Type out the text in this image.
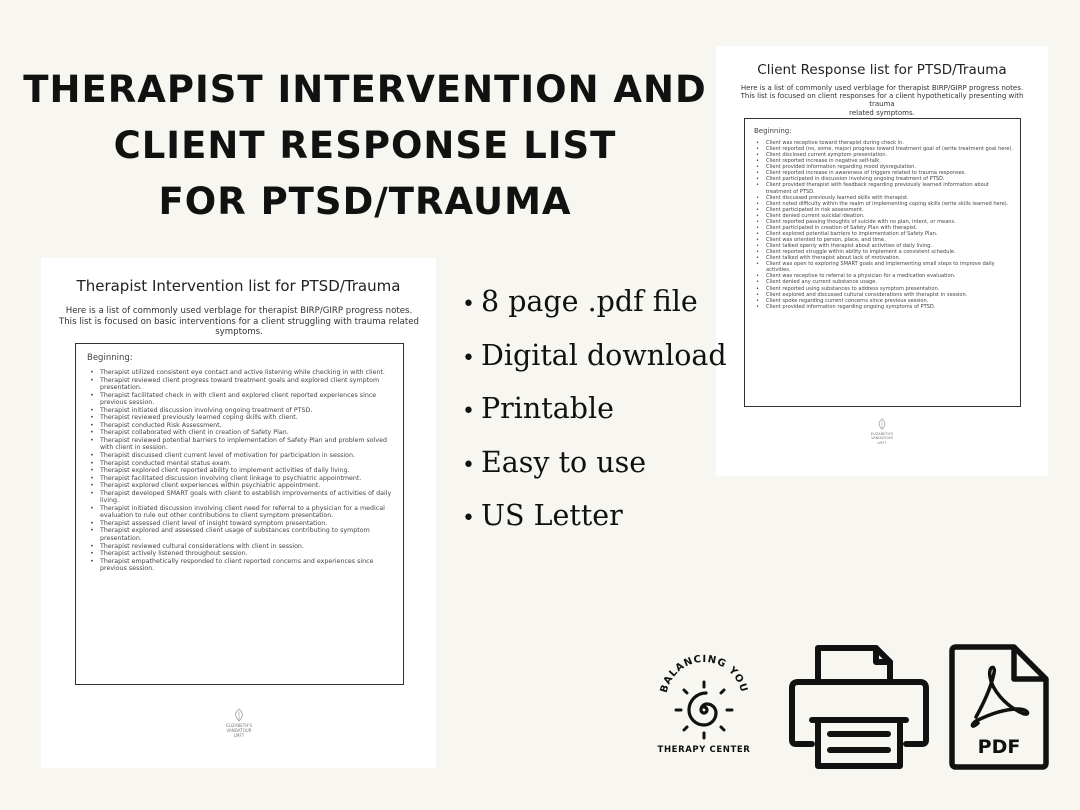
THERAPIST INTERVENTION AND
CLIENT RESPONSE LIST
FOR PTSD/TRAUMA
Therapist Intervention list for PTSD/Trauma
Here is a list of commonly used verblage for therapist BIRP/GIRP progress notes.
This list is focused on basic interventions for a client struggling with trauma related
symptoms.
Beginning:
• Therapist utilized consistent eye contact and active listening while checking in with client.
• Therapist reviewed client progress toward treatment goals and explored client symptom presentation.
• Therapist facilitated check in with client and explored client reported experiences since previous session.
• Therapist initiated discussion involving ongoing treatment of PTSD.
• Therapist reviewed previously learned coping skills with client.
• Therapist conducted Risk Assessment.
• Therapist collaborated with client in creation of Safety Plan.
• Therapist reviewed potential barriers to implementation of Safety Plan and problem solved with client in session.
• Therapist discussed client current level of motivation for participation in session.
• Therapist conducted mental status exam.
• Therapist explored client reported ability to implement activities of daily living.
• Therapist facilitated discussion involving client linkage to psychiatric appointment.
• Therapist explored client experiences within psychiatric appointment.
• Therapist developed SMART goals with client to establish improvements of activities of daily living.
• Therapist initiated discussion involving client need for referral to a physician for a medical evaluation to rule out other contributions to client symptom presentation.
• Therapist assessed client level of insight toward symptom presentation.
• Therapist explored and assessed client usage of substances contributing to symptom presentation.
• Therapist reviewed cultural considerations with client in session.
• Therapist actively listened throughout session.
• Therapist empathetically responded to client reported concerns and experiences since previous session.
ELIZABETH'S
VANDATOUR
LMFT
Client Response list for PTSD/Trauma
Here is a list of commonly used verblage for therapist BIRP/GIRP progress notes.
This list is focused on client responses for a client hypothetically presenting with trauma
related symptoms.
Beginning:
• Client was receptive toward therapist during check in.
• Client reported (no, some, major) progress toward treatment goal of (write treatment goal here).
• Client disclosed current symptom presentation.
• Client reported increase in negative self-talk.
• Client provided information regarding mood dysregulation.
• Client reported increase in awareness of triggers related to trauma responses.
• Client participated in discussion involving ongoing treatment of PTSD.
• Client provided therapist with feedback regarding previously learned information about treatment of PTSD.
• Client discussed previously learned skills with therapist.
• Client noted difficulty within the realm of implementing coping skills (write skills learned here).
• Client participated in risk assessment.
• Client denied current suicidal ideation.
• Client reported passing thoughts of suicide with no plan, intent, or means.
• Client participated in creation of Safety Plan with therapist.
• Client explored potential barriers to implementation of Safety Plan.
• Client was oriented to person, place, and time.
• Client talked openly with therapist about activities of daily living.
• Client reported struggle within ability to implement a consistent schedule.
• Client talked with therapist about lack of motivation.
• Client was open to exploring SMART goals and implementing small steps to improve daily activities.
• Client was receptive to referral to a physician for a medication evaluation.
• Client denied any current substance usage.
• Client reported using substances to address symptom presentation.
• Client explored and discussed cultural considerations with therapist in session.
• Client spoke regarding current concerns since previous session.
• Client provided information regarding ongoing symptoms of PTSD.
ELIZABETH'S
VANDATOUR
LMFT
• 8 page .pdf file
• Digital download
• Printable
• Easy to use
• US Letter
BALANCING YOU
THERAPY CENTER	PDF
